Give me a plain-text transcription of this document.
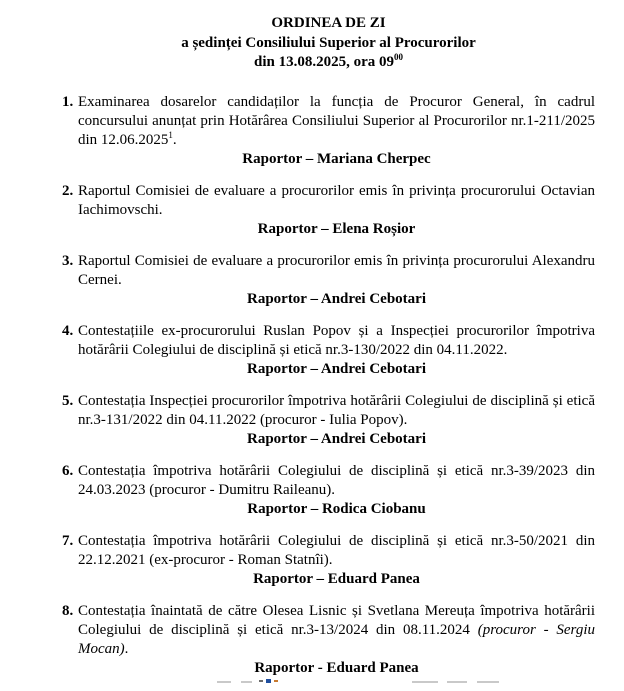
ORDINEA DE ZI
a ședinței Consiliului Superior al Procurorilor
din 13.08.2025, ora $09^{00}$
1. Examinarea dosarelor candidaților la funcția de Procuror General, în cadrul concursului anunțat prin Hotărârea Consiliului Superior al Procurorilor nr.1-211/2025 din 12.06.2025$^1$.
Raportor – Mariana Cherpec
2. Raportul Comisiei de evaluare a procurorilor emis în privința procurorului Octavian Iachimovschi.
Raportor – Elena Roșior
3. Raportul Comisiei de evaluare a procurorilor emis în privința procurorului Alexandru Cernei.
Raportor – Andrei Cebotari
4. Contestațiile ex-procurorului Ruslan Popov și a Inspecției procurorilor împotriva hotărârii Colegiului de disciplină și etică nr.3-130/2022 din 04.11.2022.
Raportor – Andrei Cebotari
5. Contestația Inspecției procurorilor împotriva hotărârii Colegiului de disciplină și etică nr.3-131/2022 din 04.11.2022 (procuror - Iulia Popov).
Raportor – Andrei Cebotari
6. Contestația împotriva hotărârii Colegiului de disciplină și etică nr.3-39/2023 din 24.03.2023 (procuror - Dumitru Raileanu).
Raportor – Rodica Ciobanu
7. Contestația împotriva hotărârii Colegiului de disciplină și etică nr.3-50/2021 din 22.12.2021 (ex-procuror - Roman Statnîi).
Raportor – Eduard Panea
8. Contestația înaintată de către Olesea Lisnic și Svetlana Mereuța împotriva hotărârii Colegiului de disciplină și etică nr.3-13/2024 din 08.11.2024 (procuror - Sergiu Mocan).
Raportor - Eduard Panea
